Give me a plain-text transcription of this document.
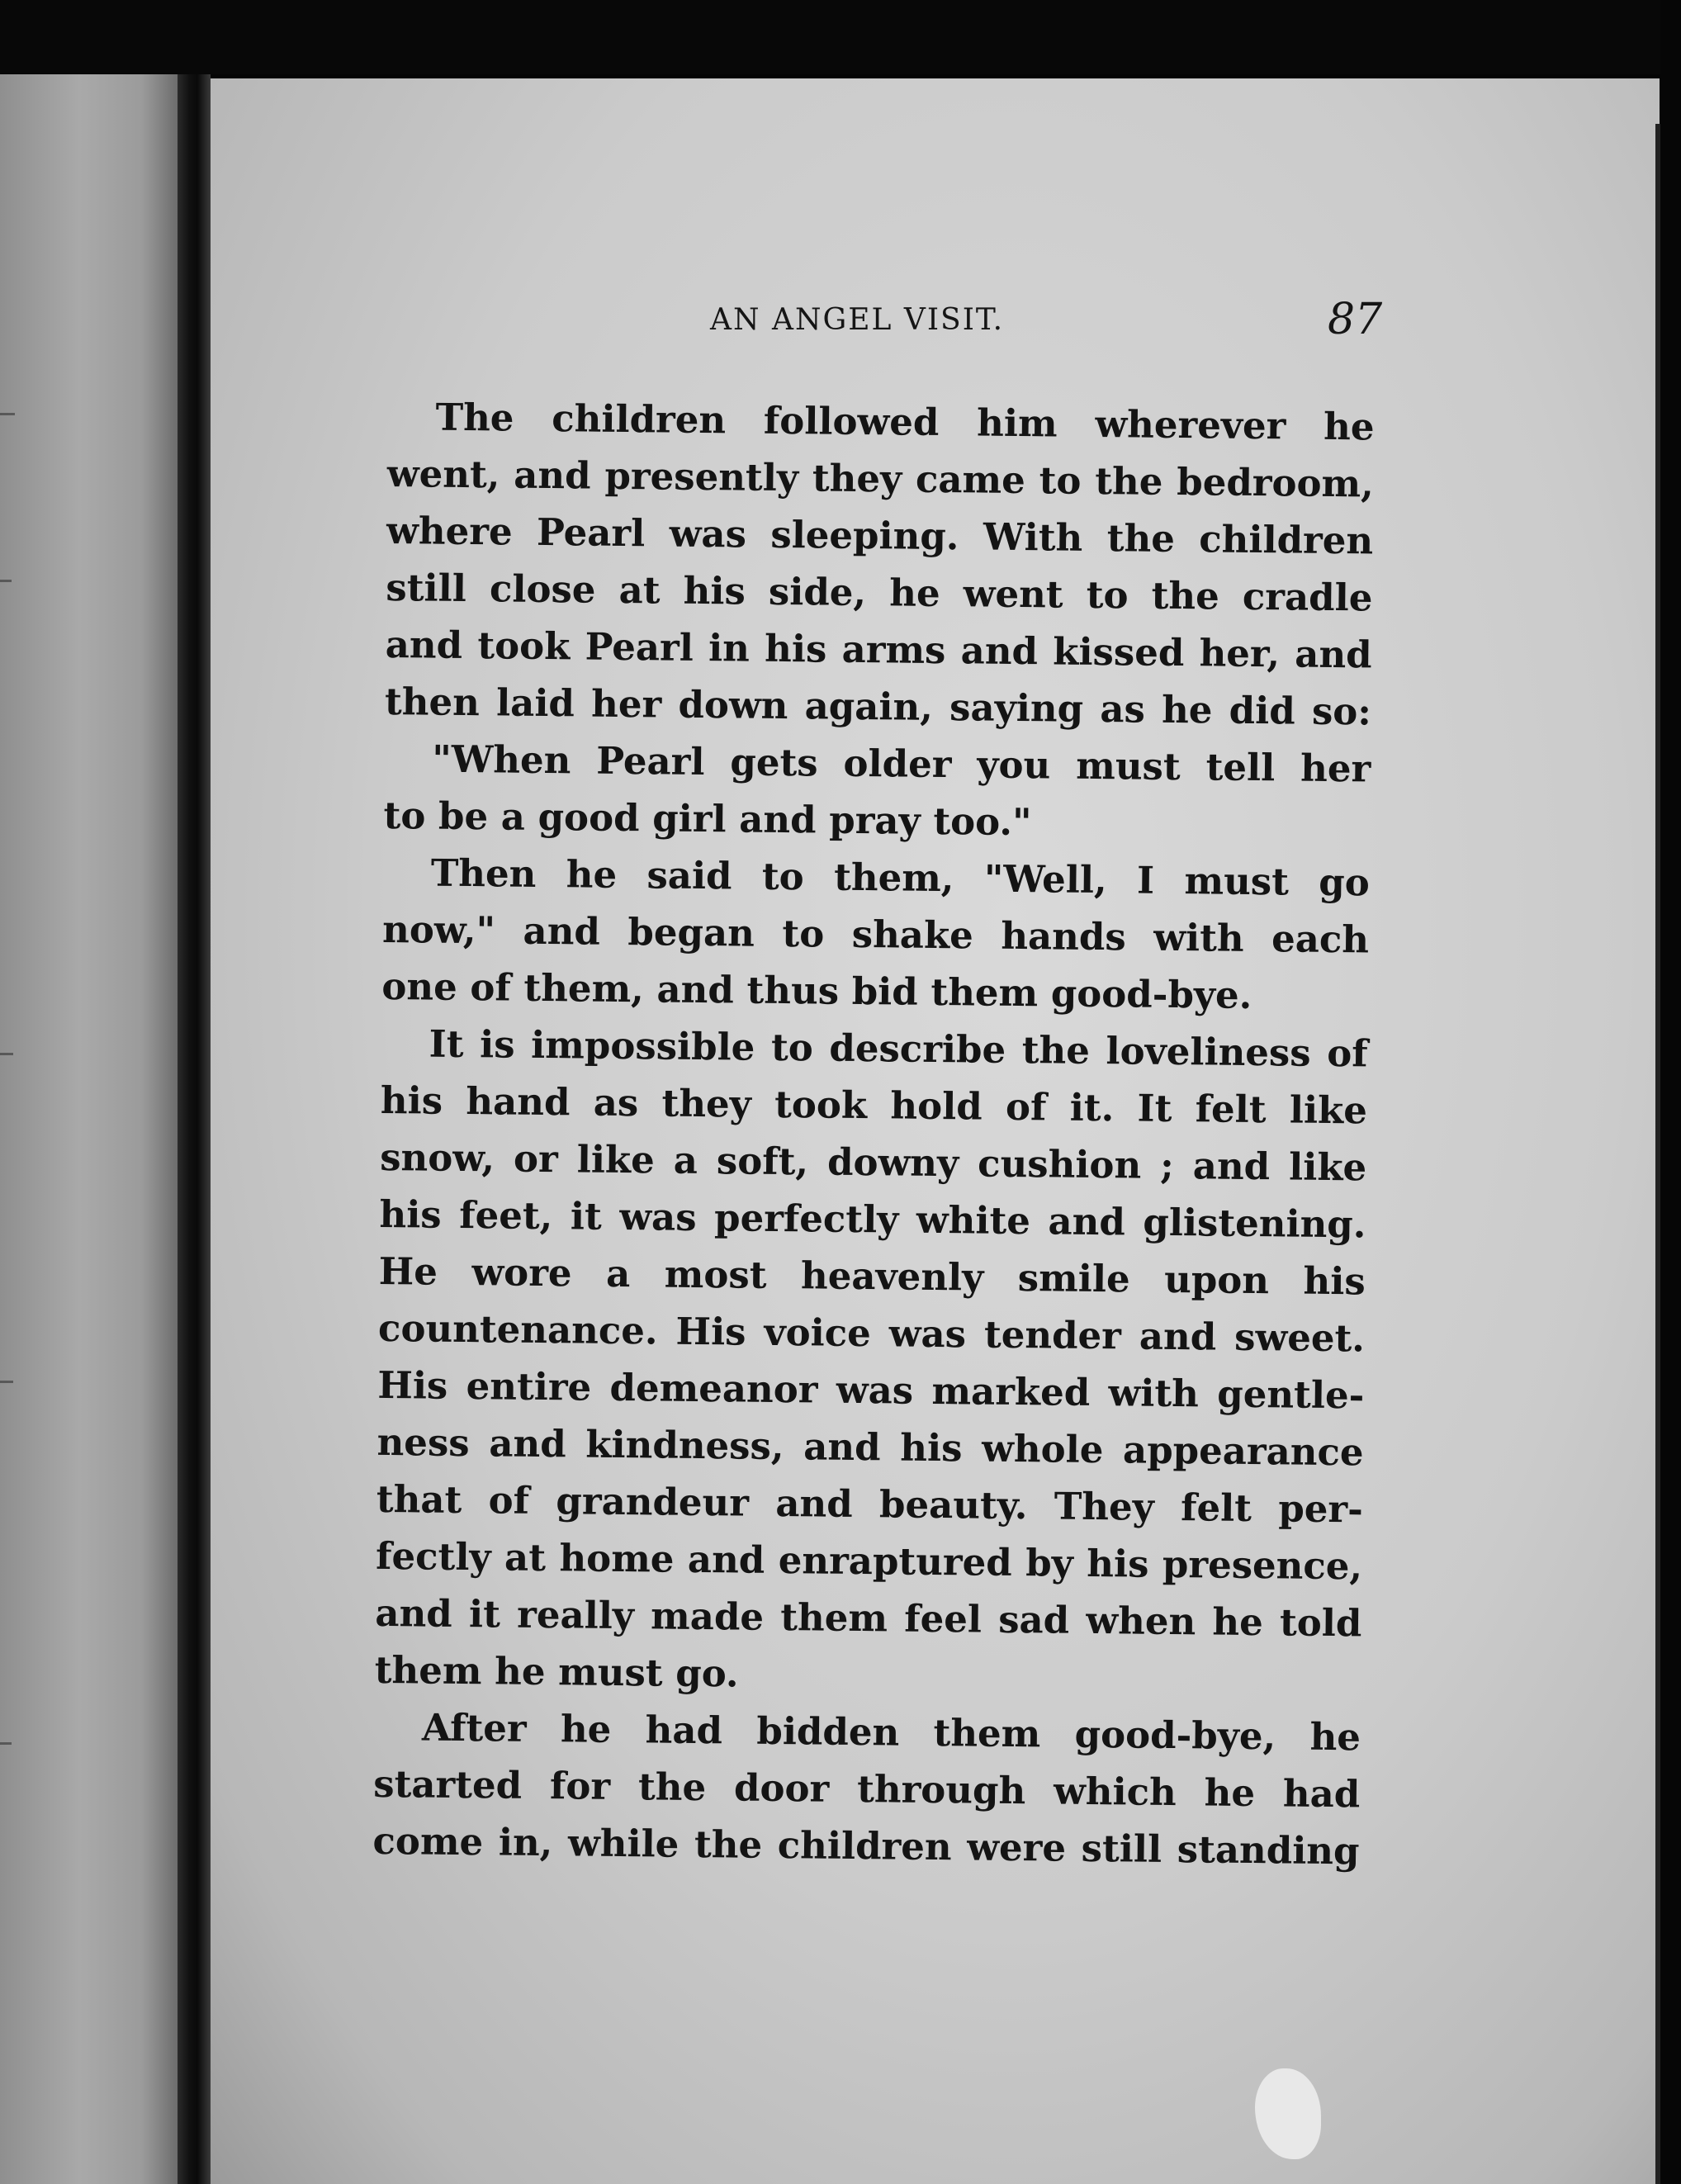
AN ANGEL VISIT.	87
The children followed him wherever he
went, and presently they came to the bedroom,
where Pearl was sleeping. With the children
still close at his side, he went to the cradle
and took Pearl in his arms and kissed her, and
then laid her down again, saying as he did so:
"When Pearl gets older you must tell her
to be a good girl and pray too."
Then he said to them, "Well, I must go
now," and began to shake hands with each
one of them, and thus bid them good-bye.
It is impossible to describe the loveliness of
his hand as they took hold of it. It felt like
snow, or like a soft, downy cushion ; and like
his feet, it was perfectly white and glistening.
He wore a most heavenly smile upon his
countenance. His voice was tender and sweet.
His entire demeanor was marked with gentle-
ness and kindness, and his whole appearance
that of grandeur and beauty. They felt per-
fectly at home and enraptured by his presence,
and it really made them feel sad when he told
them he must go.
After he had bidden them good-bye, he
started for the door through which he had
come in, while the children were still standing
